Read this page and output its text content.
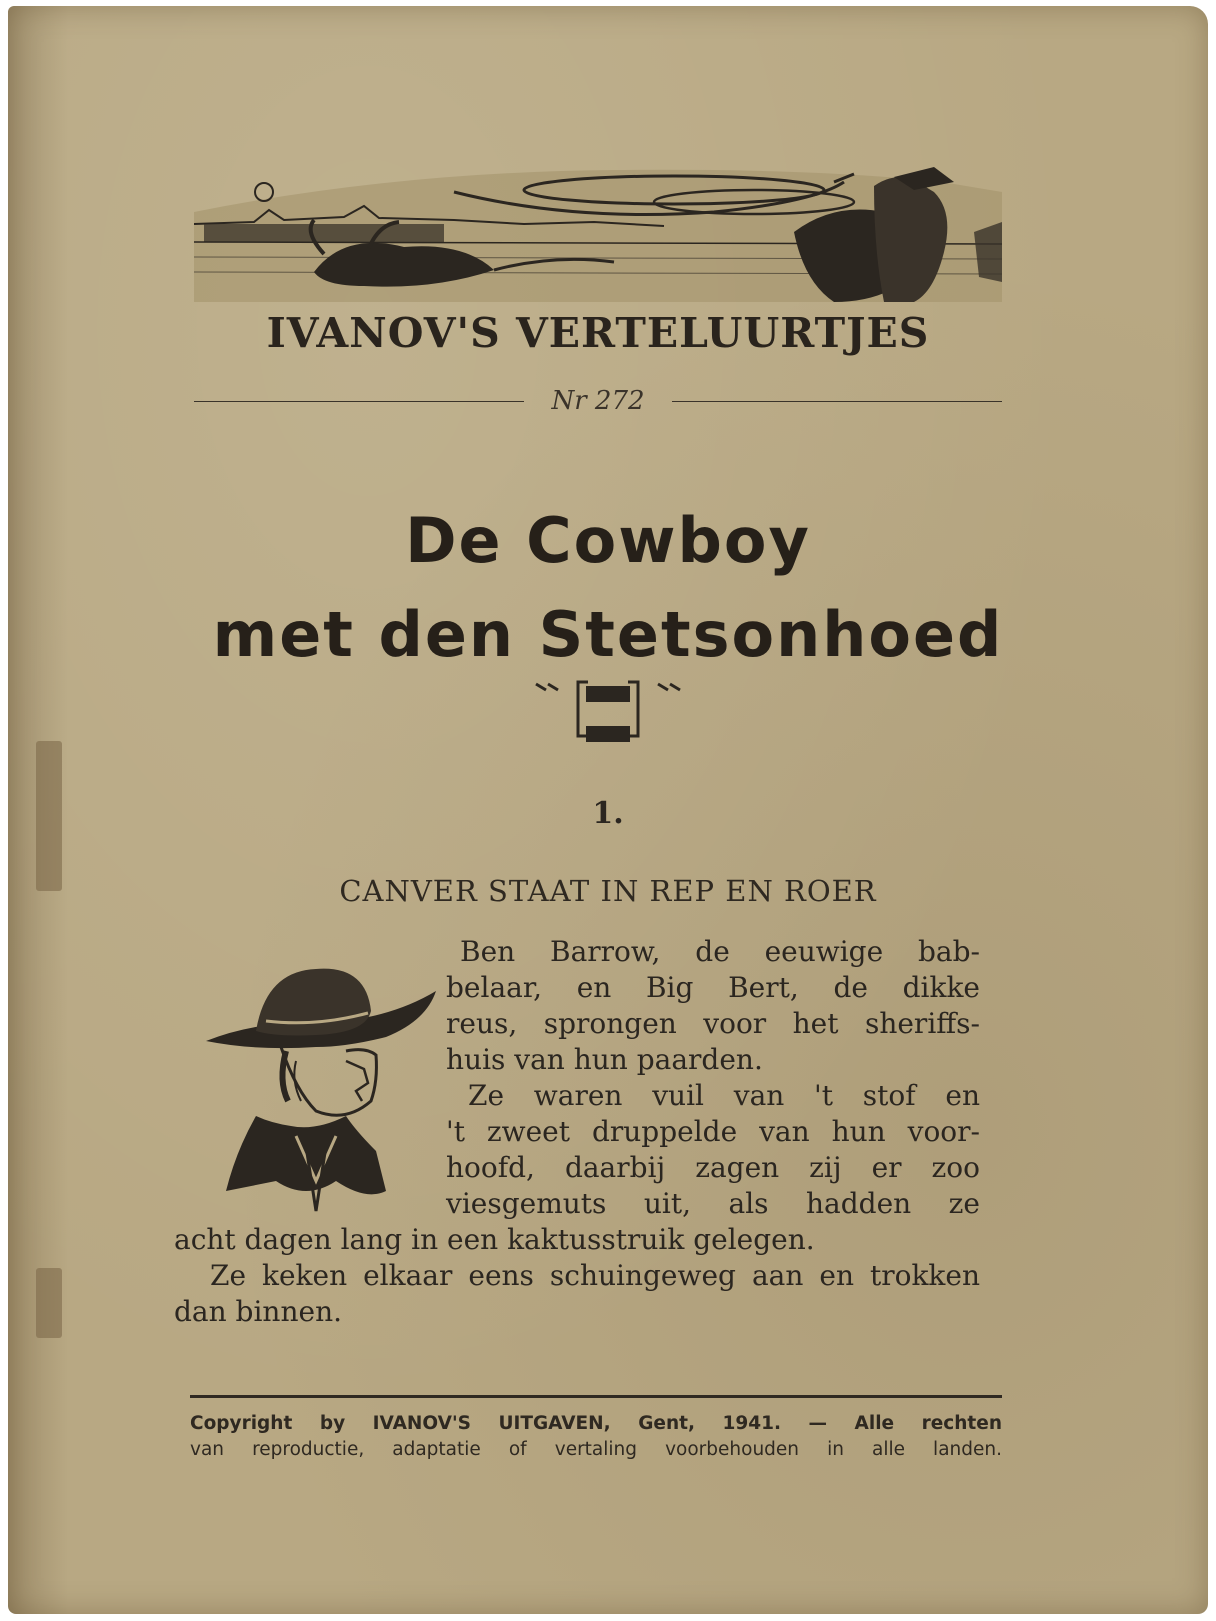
IVANOV'S VERTELUURTJES
Nr 272
De Cowboy
met den Stetsonhoed
1.
CANVER STAAT IN REP EN ROER
Ben Barrow, de eeuwige bab-
belaar, en Big Bert, de dikke
reus, sprongen voor het sheriffs-
huis van hun paarden.
Ze waren vuil van 't stof en
't zweet druppelde van hun voor-
hoofd, daarbij zagen zij er zoo
viesgemuts uit, als hadden ze
acht dagen lang in een kaktusstruik gelegen.
Ze keken elkaar eens schuingeweg aan en trokken
dan binnen.
Copyright by IVANOV'S UITGAVEN, Gent, 1941. — Alle rechten
van reproductie, adaptatie of vertaling voorbehouden in alle landen.
